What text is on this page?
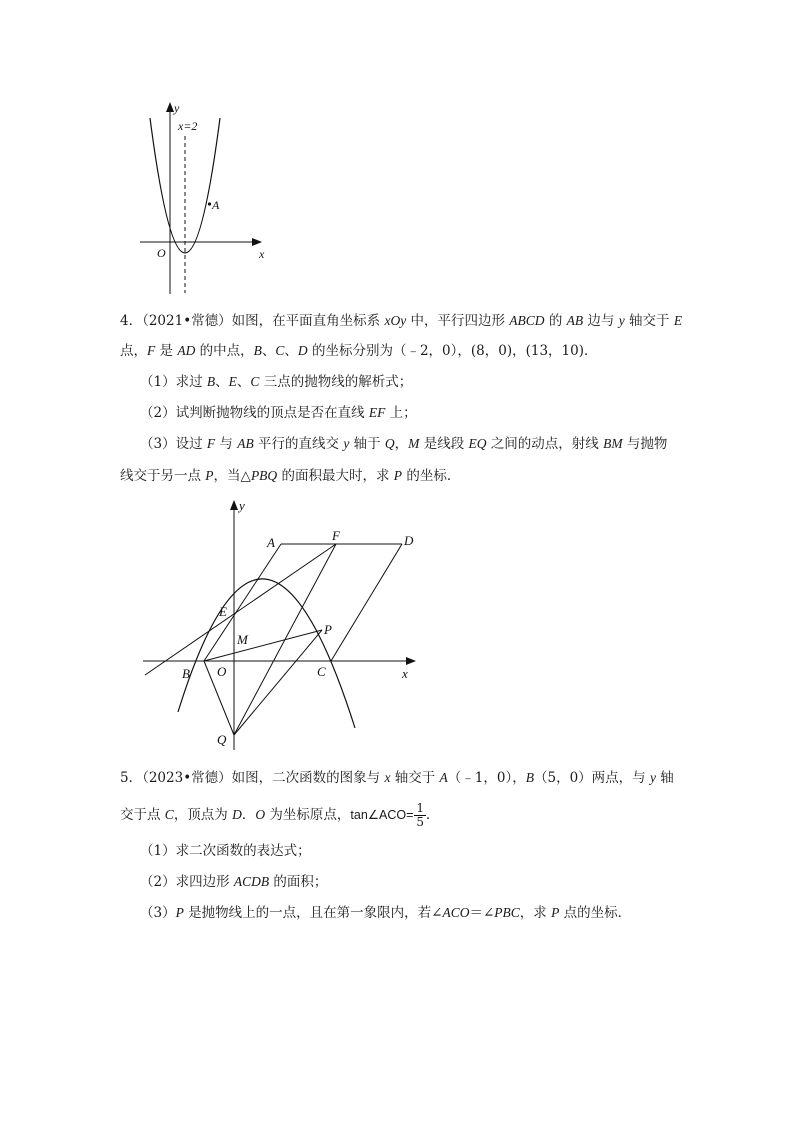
y
x
O
x=2
A
4．（2021•常德）如图，在平面直角坐标系 xOy 中，平行四边形 ABCD 的 AB 边与 y 轴交于 E
点，F 是 AD 的中点，B、C、D 的坐标分别为（﹣2，0），(8，0)，(13，10)．
（1）求过 B、E、C 三点的抛物线的解析式；
（2）试判断抛物线的顶点是否在直线 EF 上；
（3）设过 F 与 AB 平行的直线交 y 轴于 Q，M 是线段 EQ 之间的动点，射线 BM 与抛物
线交于另一点 P，当△PBQ 的面积最大时，求 P 的坐标．
y
x
A	F	D
E
M
P
B O	C
Q
5．（2023•常德）如图，二次函数的图象与 x 轴交于 A（﹣1，0），B（5，0）两点，与 y 轴
交于点 C，顶点为 D．O 为坐标原点，tan∠ACO= $\frac{1}{5}$ ．
（1）求二次函数的表达式；
（2）求四边形 ACDB 的面积；
（3）P 是抛物线上的一点，且在第一象限内，若∠ACO＝∠PBC，求 P 点的坐标．
